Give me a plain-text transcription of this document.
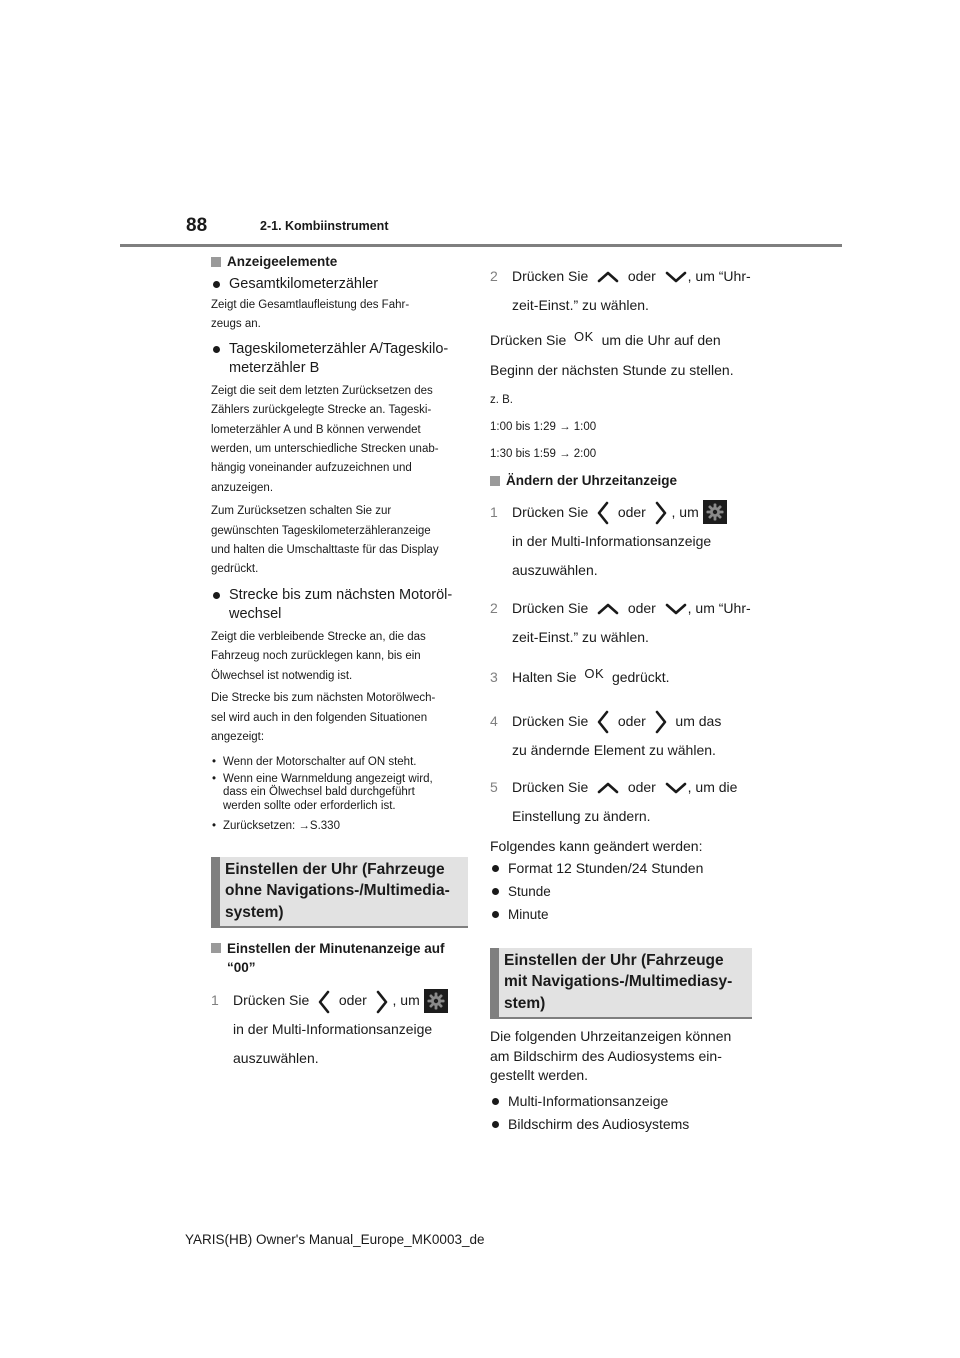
88	2-1. Kombiinstrument

Anzeigeelemente

Gesamtkilometerzähler

Zeigt die Gesamtlaufleistung des Fahr-

zeugs an.

Tageskilometerzähler A/Tageskilo-
meterzähler B

Zeigt die seit dem letzten Zurücksetzen des

Zählers zurückgelegte Strecke an. Tageski-

lometerzähler A und B können verwendet

werden, um unterschiedliche Strecken unab-

hängig voneinander aufzuzeichnen und

anzuzeigen.

Zum Zurücksetzen schalten Sie zur

gewünschten Tageskilometerzähleranzeige

und halten die Umschalttaste für das Display

gedrückt.

Strecke bis zum nächsten Motoröl-
wechsel

Zeigt die verbleibende Strecke an, die das

Fahrzeug noch zurücklegen kann, bis ein

Ölwechsel ist notwendig ist.

Die Strecke bis zum nächsten Motorölwech-

sel wird auch in den folgenden Situationen

angezeigt:

• Wenn der Motorschalter auf ON steht.

• Wenn eine Warnmeldung angezeigt wird,
dass ein Ölwechsel bald durchgeführt
werden sollte oder erforderlich ist.

• Zurücksetzen: →S.330

Einstellen der Uhr (Fahrzeuge
ohne Navigations-/Multimedia-
system)

Einstellen der Minutenanzeige auf
“00”

1 Drücken Sie oder , um

in der Multi-Informationsanzeige

auszuwählen.

2 Drücken Sie	oder , um “Uhr-

zeit-Einst.” zu wählen.

Drücken Sie OK um die Uhr auf den

Beginn der nächsten Stunde zu stellen.

z. B.

1:00 bis 1:29 → 1:00

1:30 bis 1:59 → 2:00

Ändern der Uhrzeitanzeige

1 Drücken Sie oder , um

in der Multi-Informationsanzeige

auszuwählen.

2 Drücken Sie	oder , um “Uhr-

zeit-Einst.” zu wählen.

3 Halten Sie OK gedrückt.

4 Drücken Sie oder um das

zu ändernde Element zu wählen.

5 Drücken Sie	oder , um die

Einstellung zu ändern.

Folgendes kann geändert werden:

Format 12 Stunden/24 Stunden

Stunde

Minute

Einstellen der Uhr (Fahrzeuge
mit Navigations-/Multimediasy-
stem)

Die folgenden Uhrzeitanzeigen können

am Bildschirm des Audiosystems ein-

gestellt werden.

Multi-Informationsanzeige

Bildschirm des Audiosystems

YARIS(HB) Owner's Manual_Europe_MK0003_de
